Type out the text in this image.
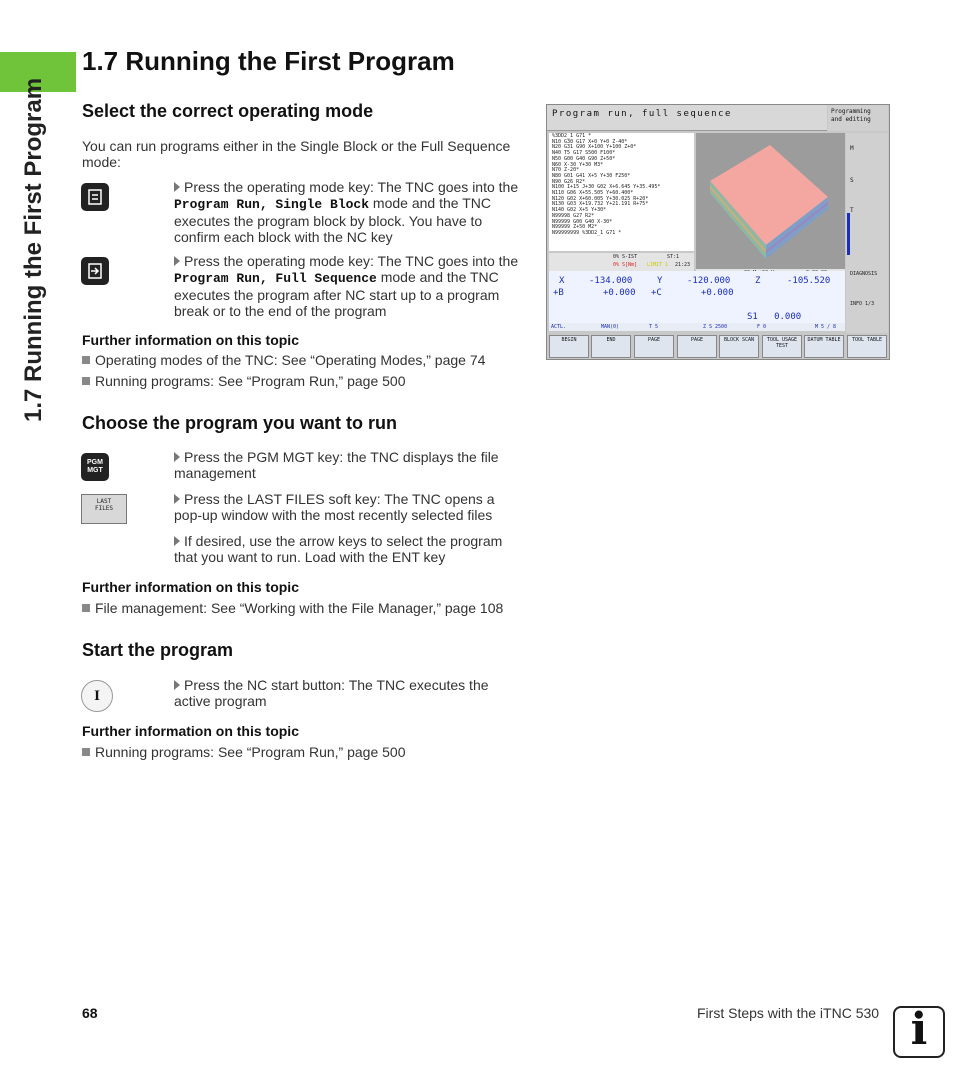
1.7 Running the First Program
1.7 Running the First Program
Select the correct operating mode
You can run programs either in the Single Block or the Full Sequence mode:
Press the operating mode key: The TNC goes into the Program Run, Single Block mode and the TNC executes the program block by block. You have to confirm each block with the NC key
Press the operating mode key: The TNC goes into the Program Run, Full Sequence mode and the TNC executes the program after NC start up to a program break or to the end of the program
Further information on this topic
Operating modes of the TNC: See “Operating Modes,” page 74
Running programs: See “Program Run,” page 500
Program run, full sequence	Programming
and editing
%3DD2_1 G71 *
N10 G30 G17 X+0 Y+0 Z-40*
N20 G31 G90 X+100 Y+100 Z+0*
N40 T5 G17 S500 F100*
N50 G00 G40 G90 Z+50*
N60 X-30 Y+30 M3*
N70 Z-20*
N80 G01 G41 X+5 Y+30 F250*
N90 G26 R2*
N100 I+15 J+30 G02 X+6.645 Y+35.495*
N110 G06 X+55.505 Y+60.400*
N120 G02 X+60.005 Y+30.025 R+20*
N130 G03 X+19.732 Y+21.191 R+75*
N140 G02 X+5 Y+30*
N99998 G27 R2*
N99999 G00 G40 X-30*
N99999 Z+50 M2*
N99999999 %3DD2_1 G71 *
0% S-IST	ST:1
0% S[Nm] LIMIT 1 21:23
M
S
T
DIAGNOSIS
INFO 1/3
X	-134.000	Y	-120.000	Z	-105.520
+B	+0.000 +C	+0.000
S1   0.000
ACTL.	MAN(0)	T 5	Z S 2500	F 0	M 5 / 8
BEGIN	END	PAGE	PAGE	BLOCK SCAN	TOOL USAGE TEST
DATUM TABLE	TOOL TABLE
Choose the program you want to run
PGM
MGT
Press the PGM MGT key: the TNC displays the file management
LAST
FILES
Press the LAST FILES soft key: The TNC opens a pop-up window with the most recently selected files
If desired, use the arrow keys to select the program that you want to run. Load with the ENT key
Further information on this topic
File management: See “Working with the File Manager,” page 108
Start the program
I
Press the NC start button: The TNC executes the active program
Further information on this topic
Running programs: See “Program Run,” page 500
68	First Steps with the iTNC 530 i
